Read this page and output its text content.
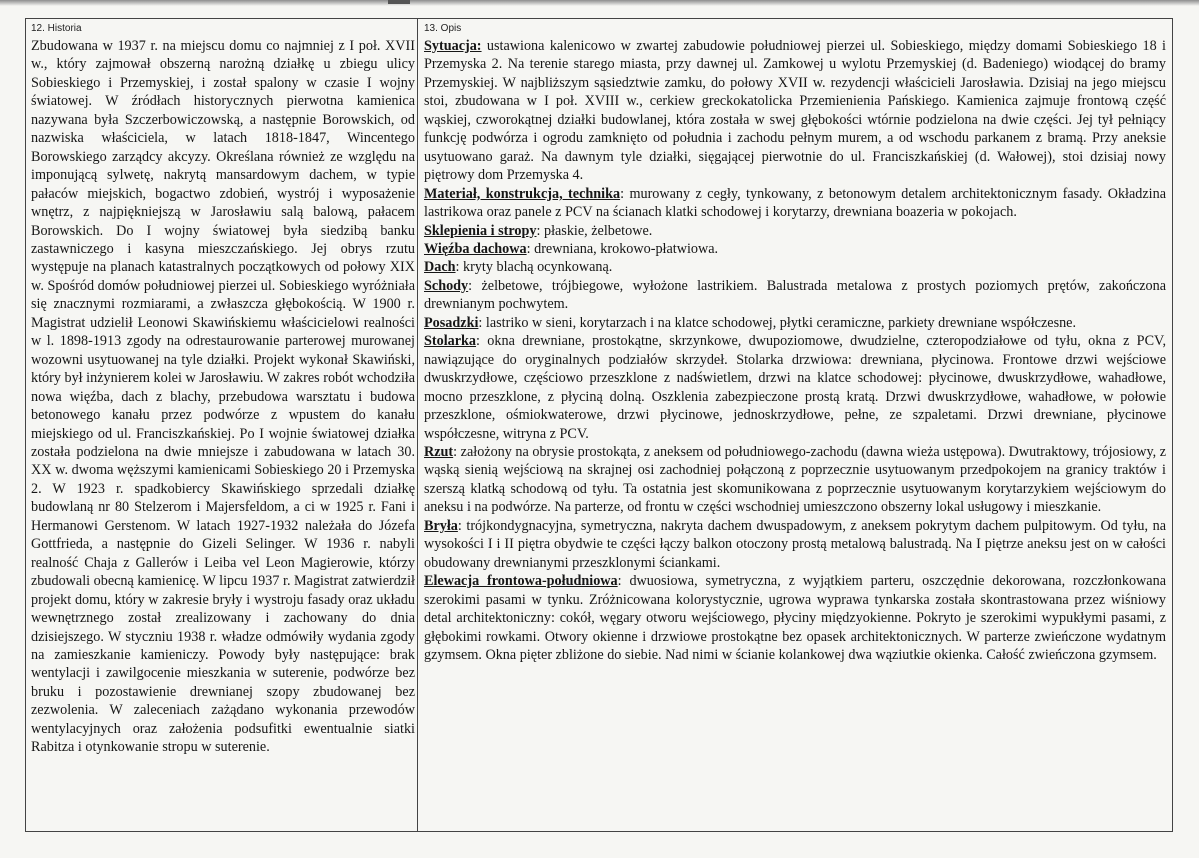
12. Historia

Zbudowana w 1937 r. na miejscu domu co najmniej z I poł. XVII w., który zajmował obszerną narożną działkę u zbiegu ulicy Sobieskiego i Przemyskiej, i został spalony w czasie I wojny światowej. W źródłach historycznych pierwotna kamienica nazywana była Szczerbowiczowską, a następnie Borowskich, od nazwiska właściciela, w latach 1818-1847, Wincentego Borowskiego zarządcy akcyzy. Określana również ze względu na imponującą sylwetę, nakrytą mansardowym dachem, w typie pałaców miejskich, bogactwo zdobień, wystrój i wyposażenie wnętrz, z najpiękniejszą w Jarosławiu salą balową, pałacem Borowskich. Do I wojny światowej była siedzibą banku zastawniczego i kasyna mieszczańskiego. Jej obrys rzutu występuje na planach katastralnych początkowych od połowy XIX w. Spośród domów południowej pierzei ul. Sobieskiego wyróżniała się znacznymi rozmiarami, a zwłaszcza głębokością. W 1900 r. Magistrat udzielił Leonowi Skawińskiemu właścicielowi realności w l. 1898-1913 zgody na odrestaurowanie parterowej murowanej wozowni usytuowanej na tyle działki. Projekt wykonał Skawiński, który był inżynierem kolei w Jarosławiu. W zakres robót wchodziła nowa więźba, dach z blachy, przebudowa warsztatu i budowa betonowego kanału przez podwórze z wpustem do kanału miejskiego od ul. Franciszkańskiej. Po I wojnie światowej działka została podzielona na dwie mniejsze i zabudowana w latach 30. XX w. dwoma węższymi kamienicami Sobieskiego 20 i Przemyska 2. W 1923 r. spadkobiercy Skawińskiego sprzedali działkę budowlaną nr 80 Stelzerom i Majersfeldom, a ci w 1925 r. Fani i Hermanowi Gerstenom. W latach 1927-1932 należała do Józefa Gottfrieda, a następnie do Gizeli Selinger. W 1936 r. nabyli realność Chaja z Gallerów i Leiba vel Leon Magierowie, którzy zbudowali obecną kamienicę. W lipcu 1937 r. Magistrat zatwierdził projekt domu, który w zakresie bryły i wystroju fasady oraz układu wewnętrznego został zrealizowany i zachowany do dnia dzisiejszego. W styczniu 1938 r. władze odmówiły wydania zgody na zamieszkanie kamieniczy. Powody były następujące: brak wentylacji i zawilgocenie mieszkania w suterenie, podwórze bez bruku i pozostawienie drewnianej szopy zbudowanej bez zezwolenia. W zaleceniach zażądano wykonania przewodów wentylacyjnych oraz założenia podsufitki ewentualnie siatki Rabitza i otynkowanie stropu w suterenie.

13. Opis

Sytuacja: ustawiona kalenicowo w zwartej zabudowie południowej pierzei ul. Sobieskiego, między domami Sobieskiego 18 i Przemyska 2. Na terenie starego miasta, przy dawnej ul. Zamkowej u wylotu Przemyskiej (d. Badeniego) wiodącej do bramy Przemyskiej. W najbliższym sąsiedztwie zamku, do połowy XVII w. rezydencji właścicieli Jarosławia. Dzisiaj na jego miejscu stoi, zbudowana w I poł. XVIII w., cerkiew greckokatolicka Przemienienia Pańskiego. Kamienica zajmuje frontową część wąskiej, czworokątnej działki budowlanej, która została w swej głębokości wtórnie podzielona na dwie części. Jej tył pełniący funkcję podwórza i ogrodu zamknięto od południa i zachodu pełnym murem, a od wschodu parkanem z bramą. Przy aneksie usytuowano garaż. Na dawnym tyle działki, sięgającej pierwotnie do ul. Franciszkańskiej (d. Wałowej), stoi dzisiaj nowy piętrowy dom Przemyska 4.

Materiał, konstrukcja, technika: murowany z cegły, tynkowany, z betonowym detalem architektonicznym fasady. Okładzina lastrikowa oraz panele z PCV na ścianach klatki schodowej i korytarzy, drewniana boazeria w pokojach.

Sklepienia i stropy: płaskie, żelbetowe.

Więźba dachowa: drewniana, krokowo-płatwiowa.

Dach: kryty blachą ocynkowaną.

Schody: żelbetowe, trójbiegowe, wyłożone lastrikiem. Balustrada metalowa z prostych poziomych prętów, zakończona drewnianym pochwytem.

Posadzki: lastriko w sieni, korytarzach i na klatce schodowej, płytki ceramiczne, parkiety drewniane współczesne.

Stolarka: okna drewniane, prostokątne, skrzynkowe, dwupoziomowe, dwudzielne, czteropodziałowe od tyłu, okna z PCV, nawiązujące do oryginalnych podziałów skrzydeł. Stolarka drzwiowa: drewniana, płycinowa. Frontowe drzwi wejściowe dwuskrzydłowe, częściowo przeszklone z nadświetlem, drzwi na klatce schodowej: płycinowe, dwuskrzydłowe, wahadłowe, mocno przeszklone, z płyciną dolną. Oszklenia zabezpieczone prostą kratą. Drzwi dwuskrzydłowe, wahadłowe, w połowie przeszklone, ośmiokwaterowe, drzwi płycinowe, jednoskrzydłowe, pełne, ze szpaletami. Drzwi drewniane, płycinowe współczesne, witryna z PCV.

Rzut: założony na obrysie prostokąta, z aneksem od południowego-zachodu (dawna wieża ustępowa). Dwutraktowy, trójosiowy, z wąską sienią wejściową na skrajnej osi zachodniej połączoną z poprzecznie usytuowanym przedpokojem na granicy traktów i szerszą klatką schodową od tyłu. Ta ostatnia jest skomunikowana z poprzecznie usytuowanym korytarzykiem wejściowym do aneksu i na podwórze. Na parterze, od frontu w części wschodniej umieszczono obszerny lokal usługowy i mieszkanie.

Bryła: trójkondygnacyjna, symetryczna, nakryta dachem dwuspadowym, z aneksem pokrytym dachem pulpitowym. Od tyłu, na wysokości I i II piętra obydwie te części łączy balkon otoczony prostą metalową balustradą. Na I piętrze aneksu jest on w całości obudowany drewnianymi przeszklonymi ściankami.

Elewacja frontowa-południowa: dwuosiowa, symetryczna, z wyjątkiem parteru, oszczędnie dekorowana, rozczłonkowana szerokimi pasami w tynku. Zróżnicowana kolorystycznie, ugrowa wyprawa tynkarska została skontrastowana przez wiśniowy detal architektoniczny: cokół, węgary otworu wejściowego, płyciny międzyokienne. Pokryto je szerokimi wypukłymi pasami, z głębokimi rowkami. Otwory okienne i drzwiowe prostokątne bez opasek architektonicznych. W parterze zwieńczone wydatnym gzymsem. Okna pięter zbliżone do siebie. Nad nimi w ścianie kolankowej dwa wąziutkie okienka. Całość zwieńczona gzymsem.
